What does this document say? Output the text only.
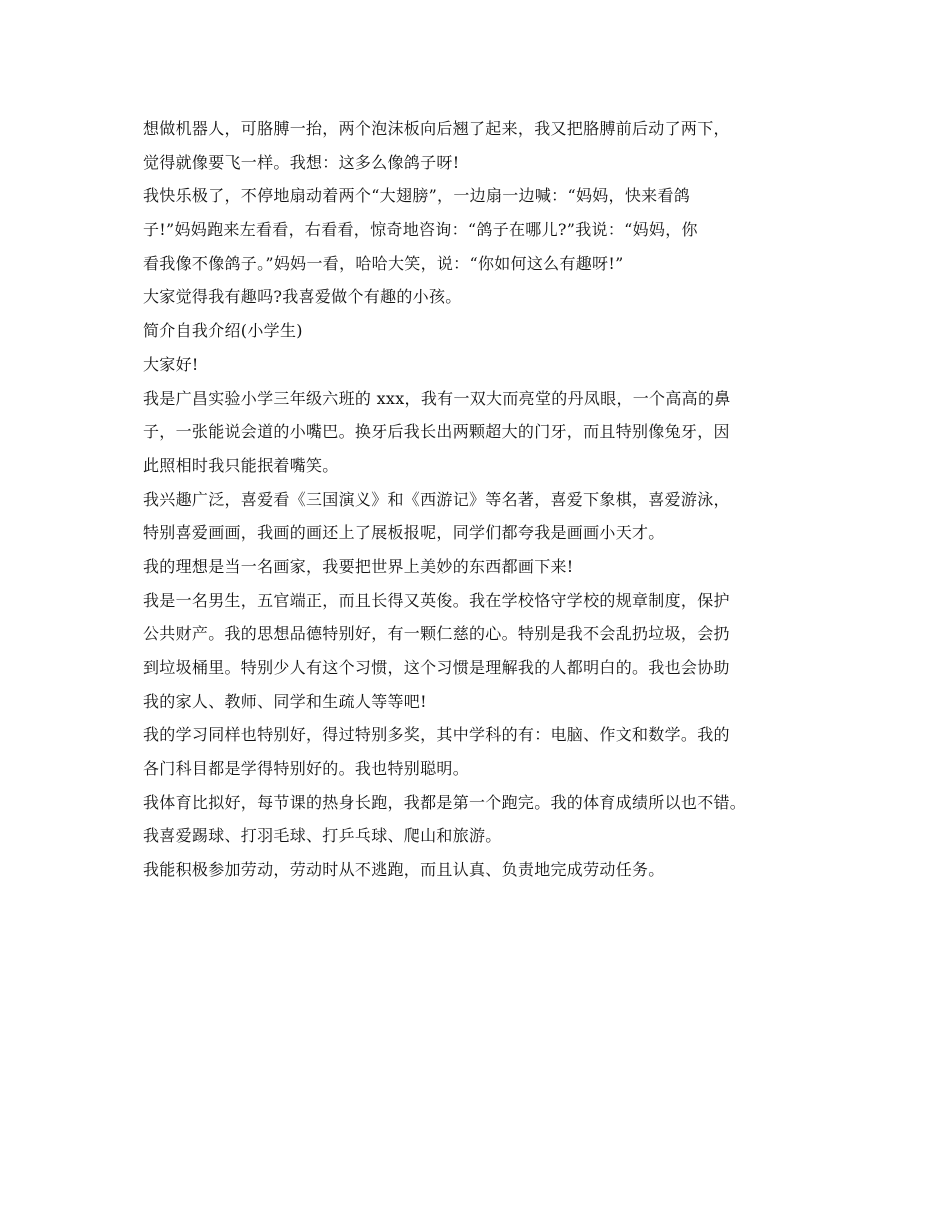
想做机器人，可胳膊一抬，两个泡沫板向后翘了起来，我又把胳膊前后动了两下，
觉得就像要飞一样。我想：这多么像鸽子呀!
我快乐极了，不停地扇动着两个“大翅膀”，一边扇一边喊：“妈妈，快来看鸽
子!”妈妈跑来左看看，右看看，惊奇地咨询：“鸽子在哪儿?”我说：“妈妈，你
看我像不像鸽子。”妈妈一看，哈哈大笑，说：“你如何这么有趣呀!”
大家觉得我有趣吗?我喜爱做个有趣的小孩。
简介自我介绍(小学生)
大家好!
我是广昌实验小学三年级六班的 xxx，我有一双大而亮堂的丹凤眼，一个高高的鼻
子，一张能说会道的小嘴巴。换牙后我长出两颗超大的门牙，而且特别像兔牙，因
此照相时我只能抿着嘴笑。
我兴趣广泛，喜爱看《三国演义》和《西游记》等名著，喜爱下象棋，喜爱游泳，
特别喜爱画画，我画的画还上了展板报呢，同学们都夸我是画画小天才。
我的理想是当一名画家，我要把世界上美妙的东西都画下来!
我是一名男生，五官端正，而且长得又英俊。我在学校恪守学校的规章制度，保护
公共财产。我的思想品德特别好，有一颗仁慈的心。特别是我不会乱扔垃圾，会扔
到垃圾桶里。特别少人有这个习惯，这个习惯是理解我的人都明白的。我也会协助
我的家人、教师、同学和生疏人等等吧!
我的学习同样也特别好，得过特别多奖，其中学科的有：电脑、作文和数学。我的
各门科目都是学得特别好的。我也特别聪明。
我体育比拟好，每节课的热身长跑，我都是第一个跑完。我的体育成绩所以也不错。
我喜爱踢球、打羽毛球、打乒乓球、爬山和旅游。
我能积极参加劳动，劳动时从不逃跑，而且认真、负责地完成劳动任务。
